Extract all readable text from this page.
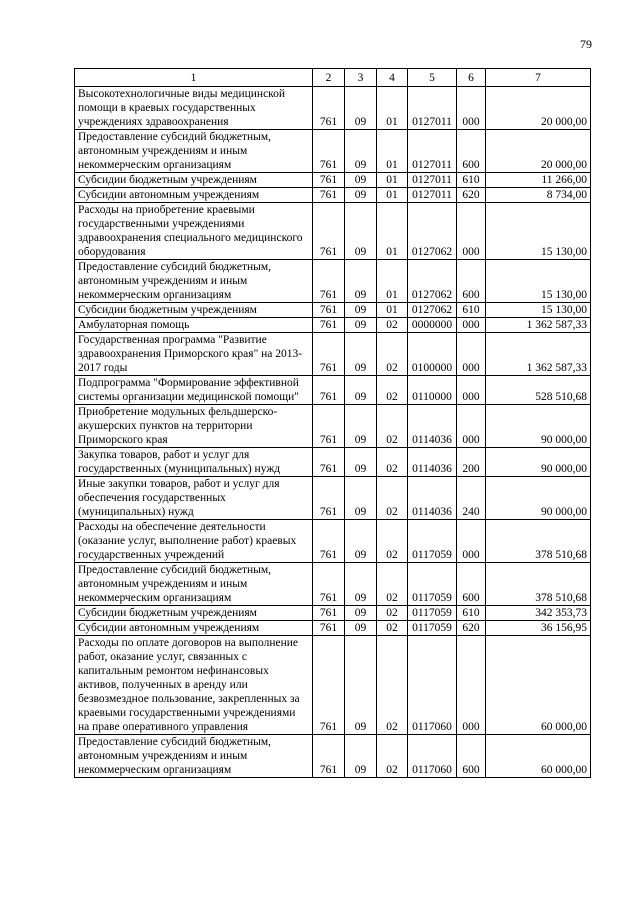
79
1	2	3	4	5	6	7
Высокотехнологичные виды медицинской помощи в краевых государственных учреждениях здравоохранения	761	09	01	0127011	000	20 000,00
Предоставление субсидий бюджетным, автономным учреждениям и иным некоммерческим организациям	761	09	01	0127011	600	20 000,00
Субсидии бюджетным учреждениям	761	09	01	0127011	610	11 266,00
Субсидии автономным учреждениям	761	09	01	0127011	620	8 734,00
Расходы на приобретение краевыми государственными учреждениями здравоохранения специального медицинского оборудования	761	09	01	0127062	000	15 130,00
Предоставление субсидий бюджетным, автономным учреждениям и иным некоммерческим организациям	761	09	01	0127062	600	15 130,00
Субсидии бюджетным учреждениям	761	09	01	0127062	610	15 130,00
Амбулаторная помощь	761	09	02	0000000	000	1 362 587,33
Государственная программа "Развитие здравоохранения Приморского края" на 2013-2017 годы	761	09	02	0100000	000	1 362 587,33
Подпрограмма "Формирование эффективной системы организации медицинской помощи"	761	09	02	0110000	000	528 510,68
Приобретение модульных фельдшерско-акушерских пунктов на территории Приморского края	761	09	02	0114036	000	90 000,00
Закупка товаров, работ и услуг для государственных (муниципальных) нужд	761	09	02	0114036	200	90 000,00
Иные закупки товаров, работ и услуг для обеспечения государственных (муниципальных) нужд	761	09	02	0114036	240	90 000,00
Расходы на обеспечение деятельности (оказание услуг, выполнение работ) краевых государственных учреждений	761	09	02	0117059	000	378 510,68
Предоставление субсидий бюджетным, автономным учреждениям и иным некоммерческим организациям	761	09	02	0117059	600	378 510,68
Субсидии бюджетным учреждениям	761	09	02	0117059	610	342 353,73
Субсидии автономным учреждениям	761	09	02	0117059	620	36 156,95
Расходы по оплате договоров на выполнение работ, оказание услуг, связанных с капитальным ремонтом нефинансовых активов, полученных в аренду или безвозмездное пользование, закрепленных за краевыми государственными учреждениями на праве оперативного управления	761	09	02	0117060	000	60 000,00
Предоставление субсидий бюджетным, автономным учреждениям и иным некоммерческим организациям	761	09	02	0117060	600	60 000,00
